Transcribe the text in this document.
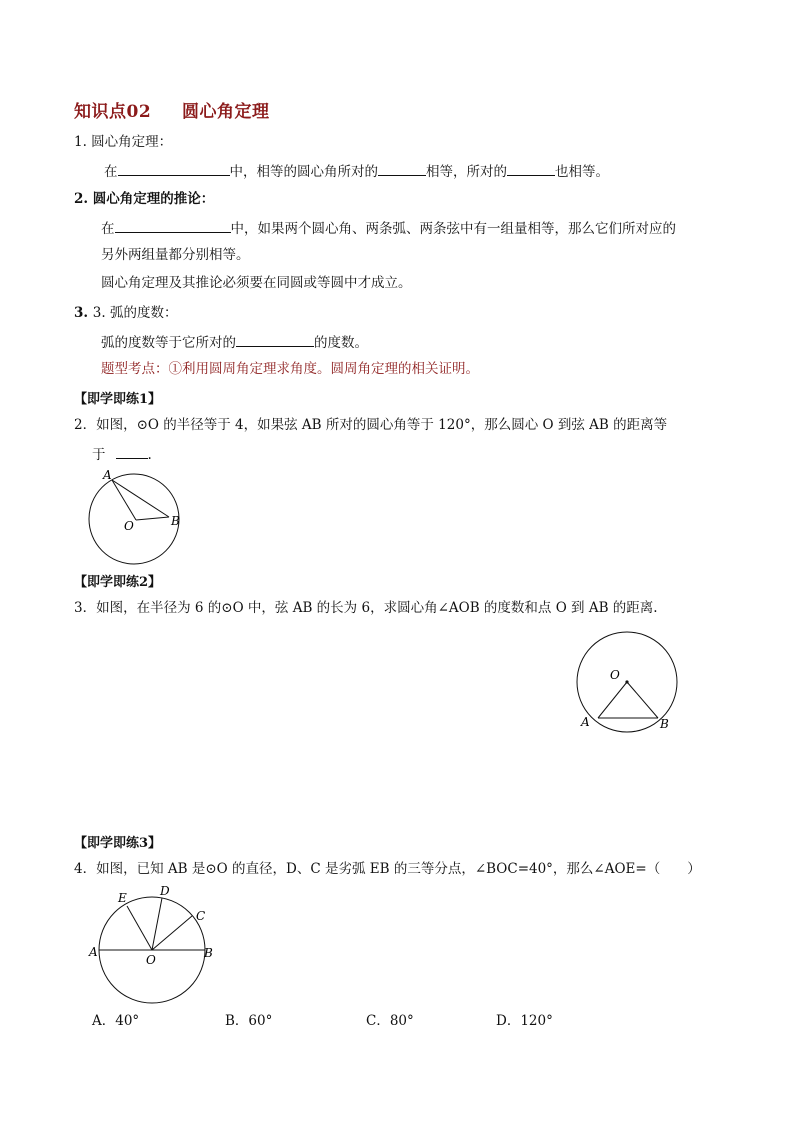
知识点02 圆心角定理
1. 圆心角定理：
在	中，相等的圆心角所对的	相等，所对的	也相等。
2. 圆心角定理的推论：
在	中，如果两个圆心角、两条弧、两条弦中有一组量相等，那么它们所对应的
另外两组量都分别相等。
圆心角定理及其推论必须要在同圆或等圆中才成立。
3. 3. 弧的度数：
弧的度数等于它所对的	的度数。
题型考点：①利用圆周角定理求角度。圆周角定理的相关证明。
【即学即练1】
2．如图，⊙O 的半径等于 4，如果弦 AB 所对的圆心角等于 120°，那么圆心 O 到弦 AB 的距离等
于	.
A
O	B
【即学即练2】
3．如图，在半径为 6 的⊙O 中，弦 AB 的长为 6，求圆心角∠AOB 的度数和点 O 到 AB 的距离.
O
A	B
【即学即练3】
4．如图，已知 AB 是⊙O 的直径，D、C 是劣弧 EB 的三等分点，∠BOC=40°，那么∠AOE=（　　）
E	D
C
A
O	B
A．40°	B．60°	C．80°	D．120°
